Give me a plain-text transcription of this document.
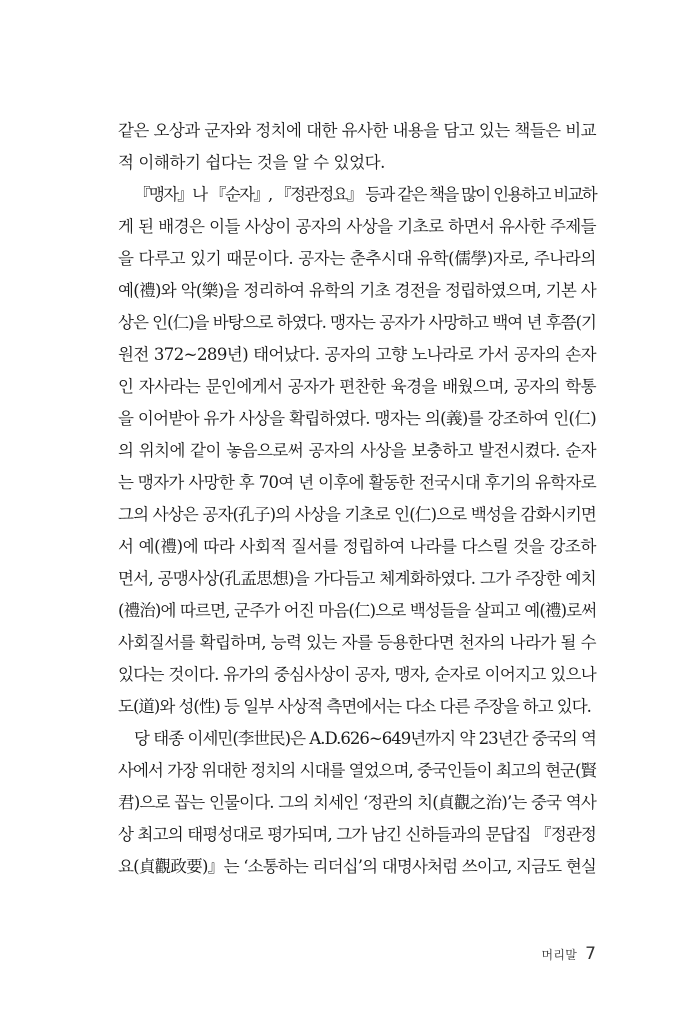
같은 오상과 군자와 정치에 대한 유사한 내용을 담고 있는 책들은 비교
적 이해하기 쉽다는 것을 알 수 있었다.
『맹자』나 『순자』, 『정관정요』 등과 같은 책을 많이 인용하고 비교하
게 된 배경은 이들 사상이 공자의 사상을 기초로 하면서 유사한 주제들
을 다루고 있기 때문이다. 공자는 춘추시대 유학(儒學)자로, 주나라의
예(禮)와 악(樂)을 정리하여 유학의 기초 경전을 정립하였으며, 기본 사
상은 인(仁)을 바탕으로 하였다. 맹자는 공자가 사망하고 백여 년 후쯤(기
원전 372~289년) 태어났다. 공자의 고향 노나라로 가서 공자의 손자
인 자사라는 문인에게서 공자가 편찬한 육경을 배웠으며, 공자의 학통
을 이어받아 유가 사상을 확립하였다. 맹자는 의(義)를 강조하여 인(仁)
의 위치에 같이 놓음으로써 공자의 사상을 보충하고 발전시켰다. 순자
는 맹자가 사망한 후 70여 년 이후에 활동한 전국시대 후기의 유학자로
그의 사상은 공자(孔子)의 사상을 기초로 인(仁)으로 백성을 감화시키면
서 예(禮)에 따라 사회적 질서를 정립하여 나라를 다스릴 것을 강조하
면서, 공맹사상(孔孟思想)을 가다듬고 체계화하였다. 그가 주장한 예치
(禮治)에 따르면, 군주가 어진 마음(仁)으로 백성들을 살피고 예(禮)로써
사회질서를 확립하며, 능력 있는 자를 등용한다면 천자의 나라가 될 수
있다는 것이다. 유가의 중심사상이 공자, 맹자, 순자로 이어지고 있으나
도(道)와 성(性) 등 일부 사상적 측면에서는 다소 다른 주장을 하고 있다.
당 태종 이세민(李世民)은 A.D.626~649년까지 약 23년간 중국의 역
사에서 가장 위대한 정치의 시대를 열었으며, 중국인들이 최고의 현군(賢
君)으로 꼽는 인물이다. 그의 치세인 ‘정관의 치(貞觀之治)’는 중국 역사
상 최고의 태평성대로 평가되며, 그가 남긴 신하들과의 문답집 『정관정
요(貞觀政要)』는 ‘소통하는 리더십’의 대명사처럼 쓰이고, 지금도 현실
머리말 7
